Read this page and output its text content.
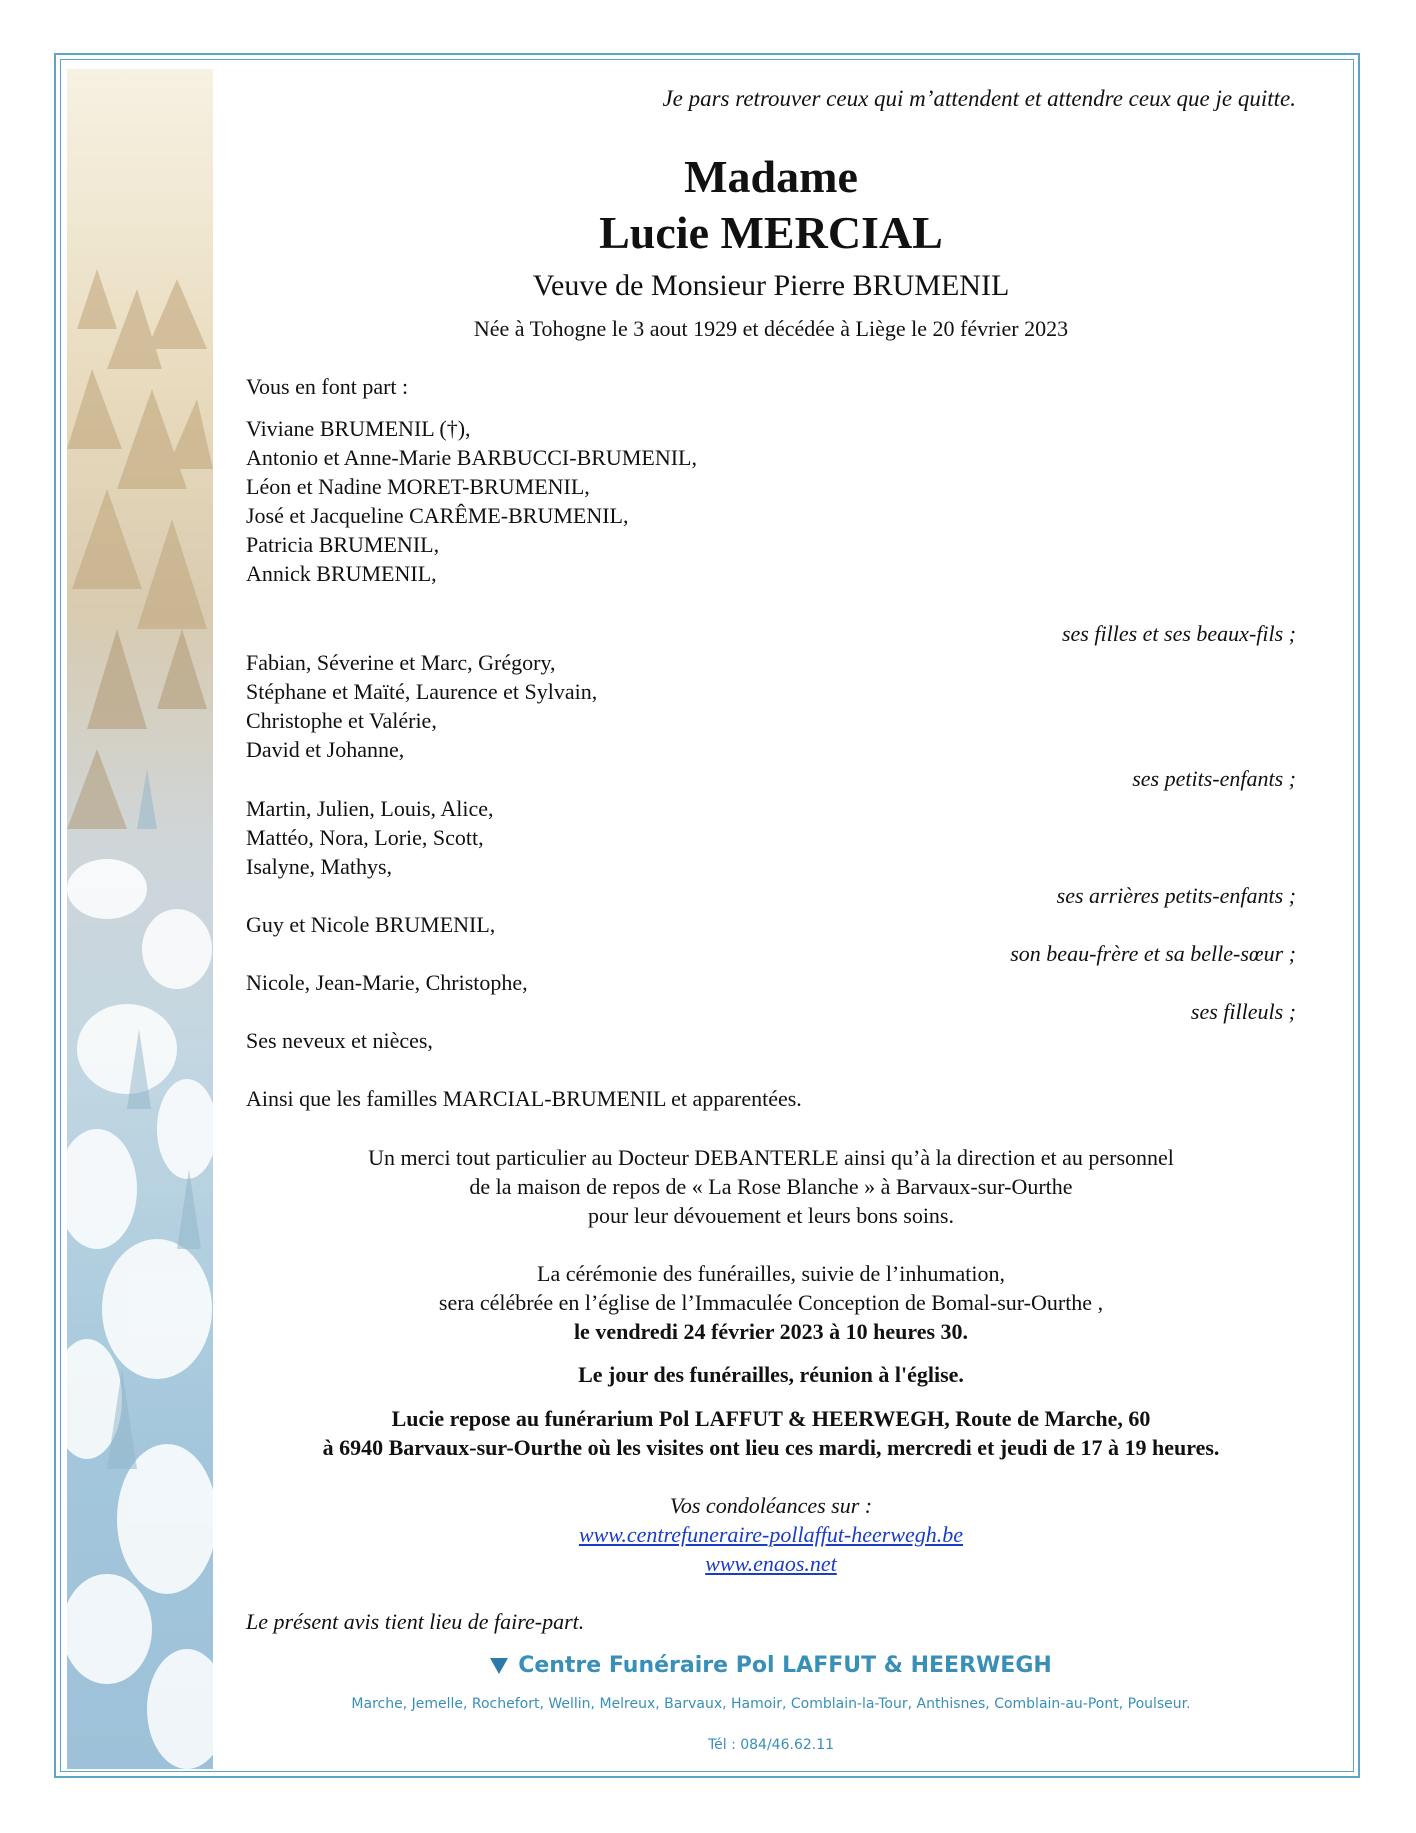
Je pars retrouver ceux qui m’attendent et attendre ceux que je quitte.
Madame
Lucie MERCIAL
Veuve de Monsieur Pierre BRUMENIL
Née à Tohogne le 3 aout 1929 et décédée à Liège le 20 février 2023
Vous en font part :
Viviane BRUMENIL (†),
Antonio et Anne-Marie BARBUCCI-BRUMENIL,
Léon et Nadine MORET-BRUMENIL,
José et Jacqueline CARÊME-BRUMENIL,
Patricia BRUMENIL,
Annick BRUMENIL,
ses filles et ses beaux-fils ;
Fabian, Séverine et Marc, Grégory,
Stéphane et Maïté, Laurence et Sylvain,
Christophe et Valérie,
David et Johanne,
ses petits-enfants ;
Martin, Julien, Louis, Alice,
Mattéo, Nora, Lorie, Scott,
Isalyne, Mathys,
ses arrières petits-enfants ;
Guy et Nicole BRUMENIL,
son beau-frère et sa belle-sœur ;
Nicole, Jean-Marie, Christophe,
ses filleuls ;
Ses neveux et nièces,
Ainsi que les familles MARCIAL-BRUMENIL et apparentées.
Un merci tout particulier au Docteur DEBANTERLE ainsi qu’à la direction et au personnel
de la maison de repos de « La Rose Blanche » à Barvaux-sur-Ourthe
pour leur dévouement et leurs bons soins.
La cérémonie des funérailles, suivie de l’inhumation,
sera célébrée en l’église de l’Immaculée Conception de Bomal-sur-Ourthe ,
le vendredi 24 février 2023 à 10 heures 30.
Le jour des funérailles, réunion à l'église.
Lucie repose au funérarium Pol LAFFUT & HEERWEGH, Route de Marche, 60
à 6940 Barvaux-sur-Ourthe où les visites ont lieu ces mardi, mercredi et jeudi de 17 à 19 heures.
Vos condoléances sur :
www.centrefuneraire-pollaffut-heerwegh.be
www.enaos.net
Le présent avis tient lieu de faire-part.
Centre Funéraire Pol LAFFUT & HEERWEGH
Marche, Jemelle, Rochefort, Wellin, Melreux, Barvaux, Hamoir, Comblain-la-Tour, Anthisnes, Comblain-au-Pont, Poulseur.
Tél : 084/46.62.11
